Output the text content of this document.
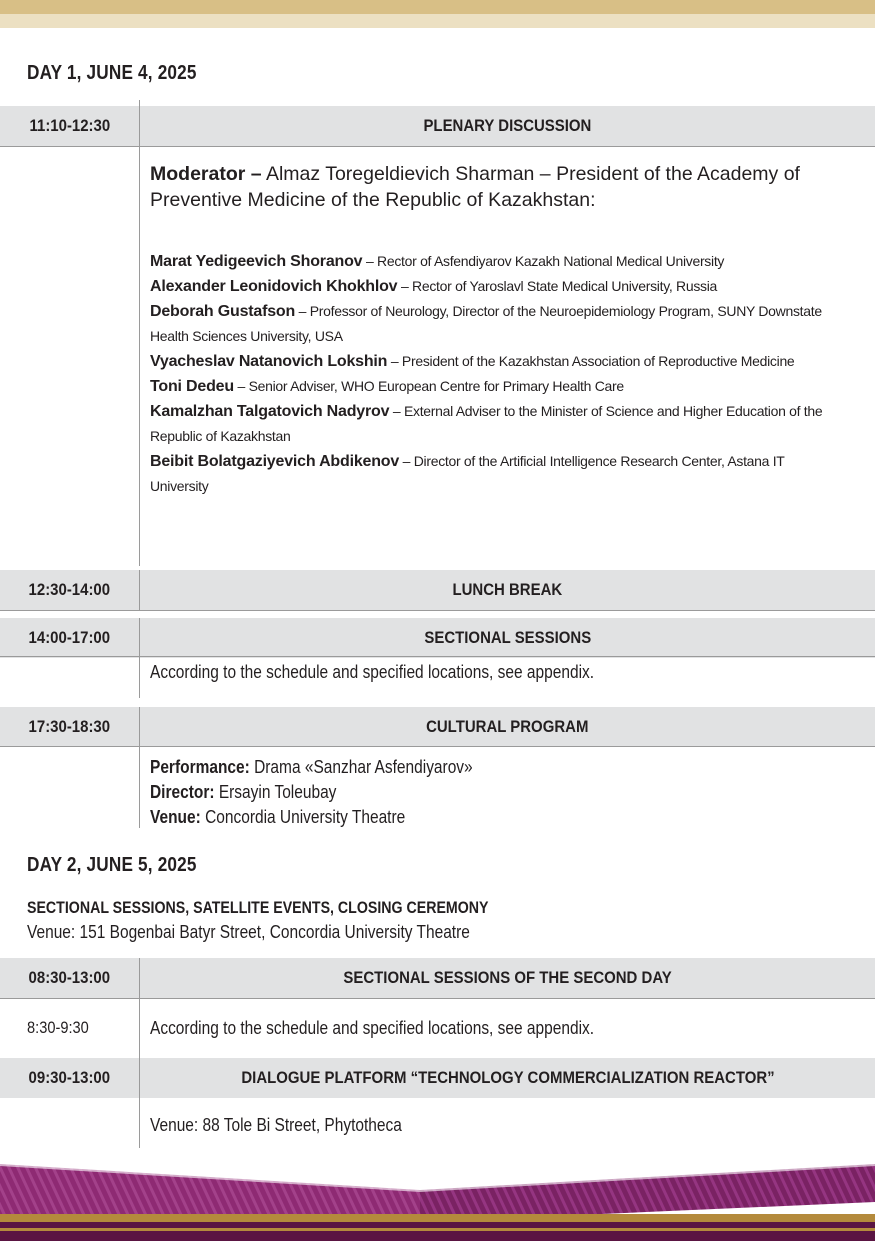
DAY 1, JUNE 4, 2025
11:10-12:30	PLENARY DISCUSSION
Moderator – Almaz Toregeldievich Sharman – President of the Academy of Preventive Medicine of the Republic of Kazakhstan:
Marat Yedigeevich Shoranov – Rector of Asfendiyarov Kazakh National Medical University
Alexander Leonidovich Khokhlov – Rector of Yaroslavl State Medical University, Russia
Deborah Gustafson – Professor of Neurology, Director of the Neuroepidemiology Program, SUNY Downstate Health Sciences University, USA
Vyacheslav Natanovich Lokshin – President of the Kazakhstan Association of Reproductive Medicine
Toni Dedeu – Senior Adviser, WHO European Centre for Primary Health Care
Kamalzhan Talgatovich Nadyrov – External Adviser to the Minister of Science and Higher Education of the Republic of Kazakhstan
Beibit Bolatgaziyevich Abdikenov – Director of the Artificial Intelligence Research Center, Astana IT University
12:30-14:00	LUNCH BREAK
14:00-17:00	SECTIONAL SESSIONS
According to the schedule and specified locations, see appendix.
17:30-18:30	CULTURAL PROGRAM
Performance: Drama «Sanzhar Asfendiyarov»
Director: Ersayin Toleubay
Venue: Concordia University Theatre
DAY 2, JUNE 5, 2025
SECTIONAL SESSIONS, SATELLITE EVENTS, CLOSING CEREMONY
Venue: 151 Bogenbai Batyr Street, Concordia University Theatre
08:30-13:00	SECTIONAL SESSIONS OF THE SECOND DAY
8:30-9:30	According to the schedule and specified locations, see appendix.
09:30-13:00	DIALOGUE PLATFORM “TECHNOLOGY COMMERCIALIZATION REACTOR”
Venue: 88 Tole Bi Street, Phytotheca
